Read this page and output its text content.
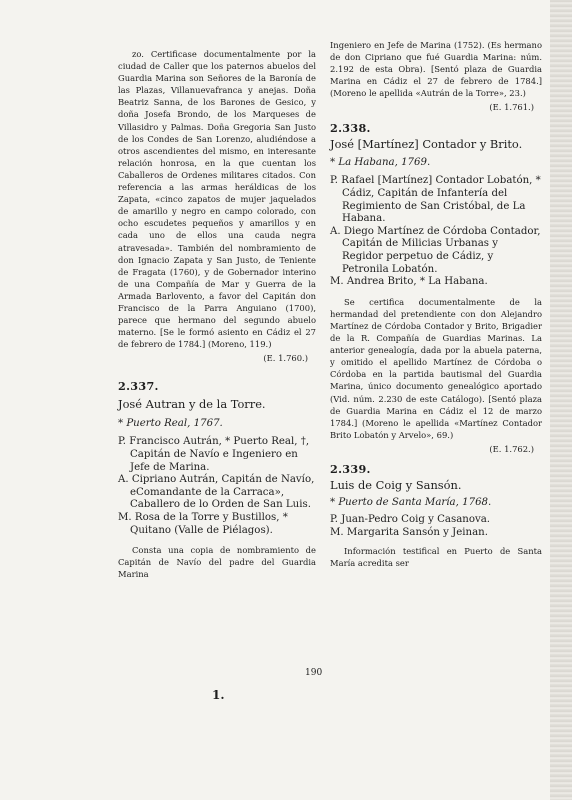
zo. Certificase documentalmente por la ciudad de Caller que los paternos abuelos del Guardia Marina son Señores de la Baronía de las Plazas, Villanuevafranca y anejas. Doña Beatriz Sanna, de los Barones de Gesico, y doña Josefa Brondo, de los Marqueses de Villasidro y Palmas. Doña Gregoria San Justo de los Condes de San Lorenzo, aludiéndose a otros ascendientes del mismo, en interesante relación honrosa, en la que cuentan los Caballeros de Ordenes militares citados. Con referencia a las armas heráldicas de los Zapata, «cinco zapatos de mujer jaquelados de amarillo y negro en campo colorado, con ocho escudetes pequeños y amarillos y en cada uno de ellos una cauda negra atravesada». También del nombramiento de don Ignacio Zapata y San Justo, de Teniente de Fragata (1760), y de Gobernador interino de una Compañía de Mar y Guerra de la Armada Barlovento, a favor del Capitán don Francisco de la Parra Anguiano (1700), parece que hermano del segundo abuelo materno. [Se le formó asiento en Cádiz el 27 de febrero de 1784.] (Moreno, 119.)

(E. 1.760.)

2.337.

José Autran y de la Torre.

* Puerto Real, 1767.

P. Francisco Autrán, * Puerto Real, †, Capitán de Navío e Ingeniero en Jefe de Marina.
A. Cipriano Autrán, Capitán de Navío, eComandante de la Carraca», Caballero de lo Orden de San Luis.
M. Rosa de la Torre y Bustillos, * Quitano (Valle de Piélagos).

Consta una copia de nombramiento de Capitán de Navío del padre del Guardia Marina

Ingeniero en Jefe de Marina (1752). (Es hermano de don Cipriano que fué Guardia Marina: núm. 2.192 de esta Obra). [Sentó plaza de Guardia Marina en Cádiz el 27 de febrero de 1784.] (Moreno le apellida «Autrán de la Torre», 23.)

(E. 1.761.)

2.338.

José [Martínez] Contador y Brito.

* La Habana, 1769.

P. Rafael [Martínez] Contador Lobatón, * Cádiz, Capitán de Infantería del Regimiento de San Cristóbal, de La Habana.
A. Diego Martínez de Córdoba Contador, Capitán de Milicias Urbanas y Regidor perpetuo de Cádiz, y Petronila Lobatón.
M. Andrea Brito, * La Habana.

Se certifica documentalmente de la hermandad del pretendiente con don Alejandro Martínez de Córdoba Contador y Brito, Brigadier de la R. Compañía de Guardias Marinas. La anterior genealogía, dada por la abuela paterna, y omitido el apellido Martínez de Córdoba o Córdoba en la partida bautismal del Guardia Marina, único documento genealógico aportado (Vid. núm. 2.230 de este Catálogo). [Sentó plaza de Guardia Marina en Cádiz el 12 de marzo 1784.] (Moreno le apellida «Martínez Contador Brito Lobatón y Arvelo», 69.)

(E. 1.762.)

2.339.

Luis de Coig y Sansón.

* Puerto de Santa María, 1768.

P. Juan-Pedro Coig y Casanova.
M. Margarita Sansón y Jeinan.

Información testifical en Puerto de Santa María acredita ser

190
1.
